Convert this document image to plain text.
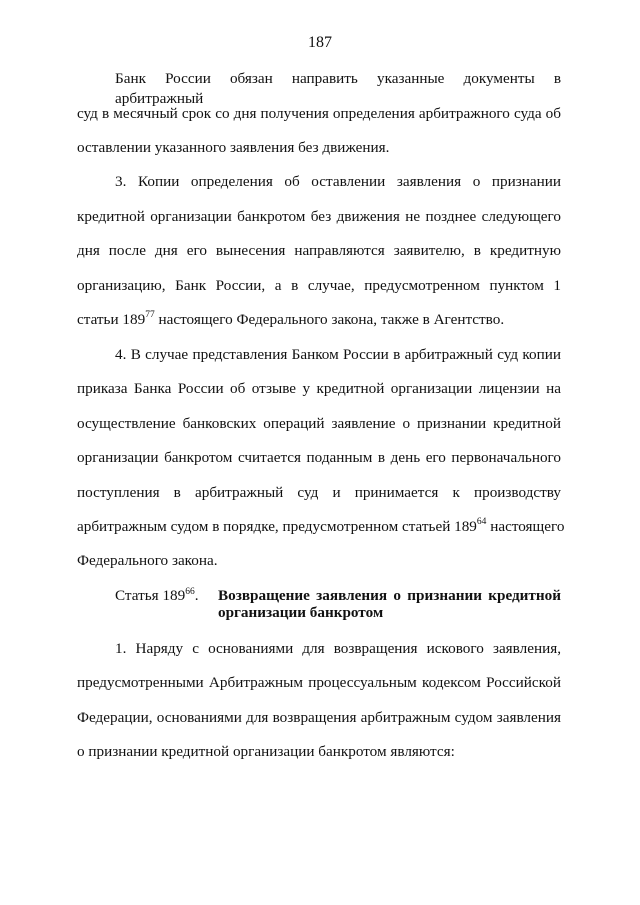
187
Банк России обязан направить указанные документы в арбитражный
суд в месячный срок со дня получения определения арбитражного суда об
оставлении указанного заявления без движения.
3. Копии определения об оставлении заявления о признании
кредитной организации банкротом без движения не позднее следующего
дня после дня его вынесения направляются заявителю, в кредитную
организацию, Банк России, а в случае, предусмотренном пунктом 1
статьи $189^{77}$ настоящего Федерального закона, также в Агентство.
4. В случае представления Банком России в арбитражный суд копии
приказа Банка России об отзыве у кредитной организации лицензии на
осуществление банковских операций заявление о признании кредитной
организации банкротом считается поданным в день его первоначального
поступления в арбитражный суд и принимается к производству
арбитражным судом в порядке, предусмотренном статьей $189^{64}$ настоящего
Федерального закона.
Статья $189^{66}$. Возвращение заявления о признании кредитной
организации банкротом
1. Наряду с основаниями для возвращения искового заявления,
предусмотренными Арбитражным процессуальным кодексом Российской
Федерации, основаниями для возвращения арбитражным судом заявления
о признании кредитной организации банкротом являются:
